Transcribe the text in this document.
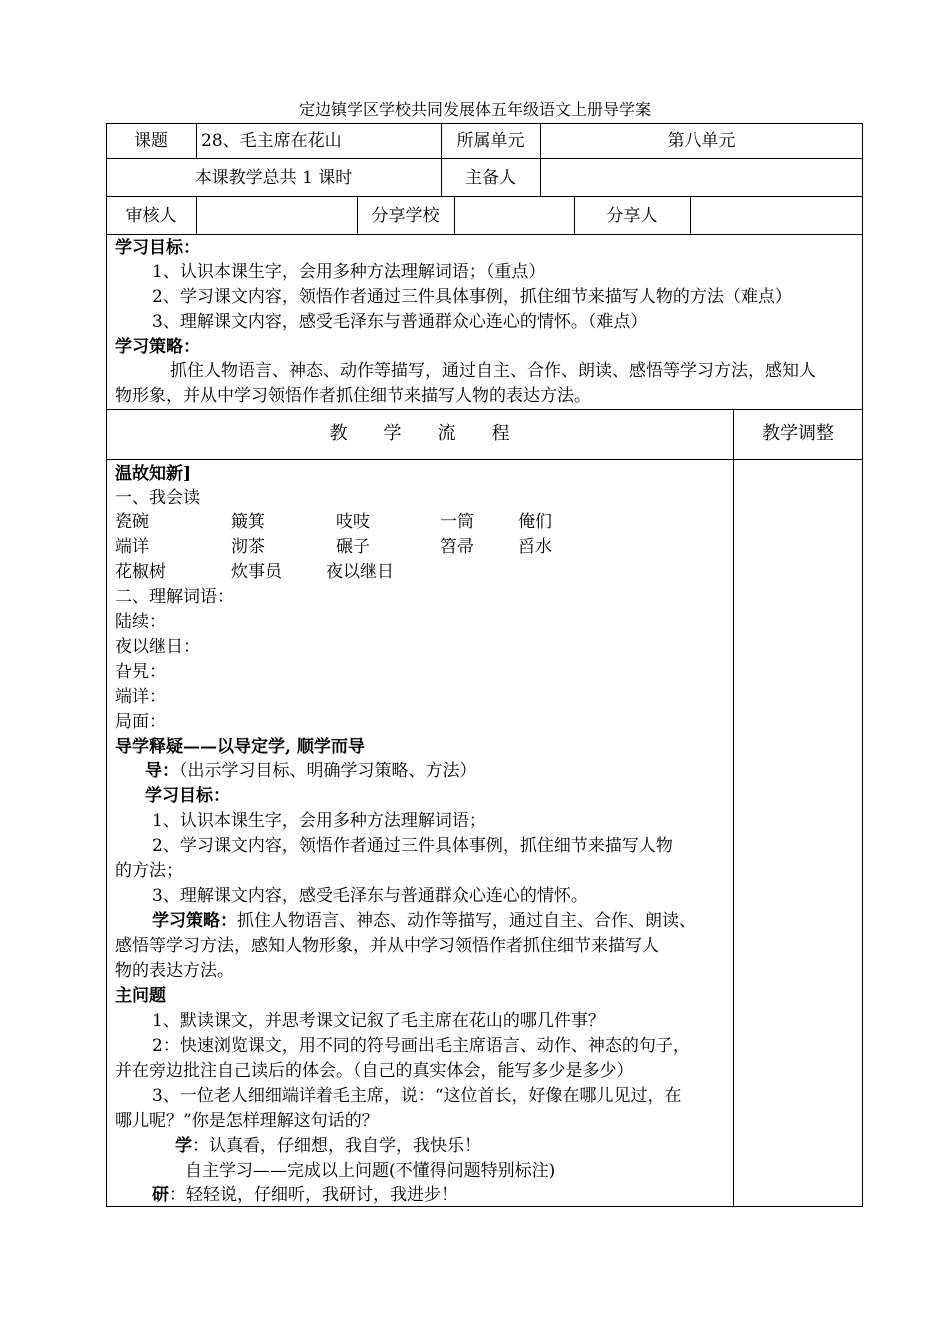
定边镇学区学校共同发展体五年级语文上册导学案
课题	28、毛主席在花山	所属单元	第八单元
本课教学总共 1 课时	主备人
审核人	分享学校	分享人
学习目标：
1、认识本课生字，会用多种方法理解词语；（重点）
2、学习课文内容，领悟作者通过三件具体事例，抓住细节来描写人物的方法（难点）
3、理解课文内容，感受毛泽东与普通群众心连心的情怀。（难点）
学习策略：
抓住人物语言、神态、动作等描写，通过自主、合作、朗读、感悟等学习方法，感知人
物形象，并从中学习领悟作者抓住细节来描写人物的表达方法。
教　　学　　流　　程	教学调整
温故知新]
一、我会读
瓷碗	簸箕	吱吱	一筒	俺们
端详	沏茶	碾子	笤帚	舀水
花椒树	炊事员	夜以继日
二、理解词语：
陆续：
夜以继日：
旮旯：
端详：
局面：
导学释疑——以导定学, 顺学而导
导：（出示学习目标、明确学习策略、方法）
学习目标：
1、认识本课生字，会用多种方法理解词语；
2、学习课文内容，领悟作者通过三件具体事例，抓住细节来描写人物
的方法；
3、理解课文内容，感受毛泽东与普通群众心连心的情怀。
学习策略：抓住人物语言、神态、动作等描写，通过自主、合作、朗读、
感悟等学习方法，感知人物形象，并从中学习领悟作者抓住细节来描写人
物的表达方法。
主问题
1、默读课文，并思考课文记叙了毛主席在花山的哪几件事？
2：快速浏览课文，用不同的符号画出毛主席语言、动作、神态的句子，
并在旁边批注自己读后的体会。（自己的真实体会，能写多少是多少）
3、一位老人细细端详着毛主席，说：“这位首长，好像在哪儿见过，在
哪儿呢？”你是怎样理解这句话的？
学：认真看，仔细想，我自学，我快乐！
自主学习——完成以上问题(不懂得问题特别标注)
研：轻轻说，仔细听，我研讨，我进步！
